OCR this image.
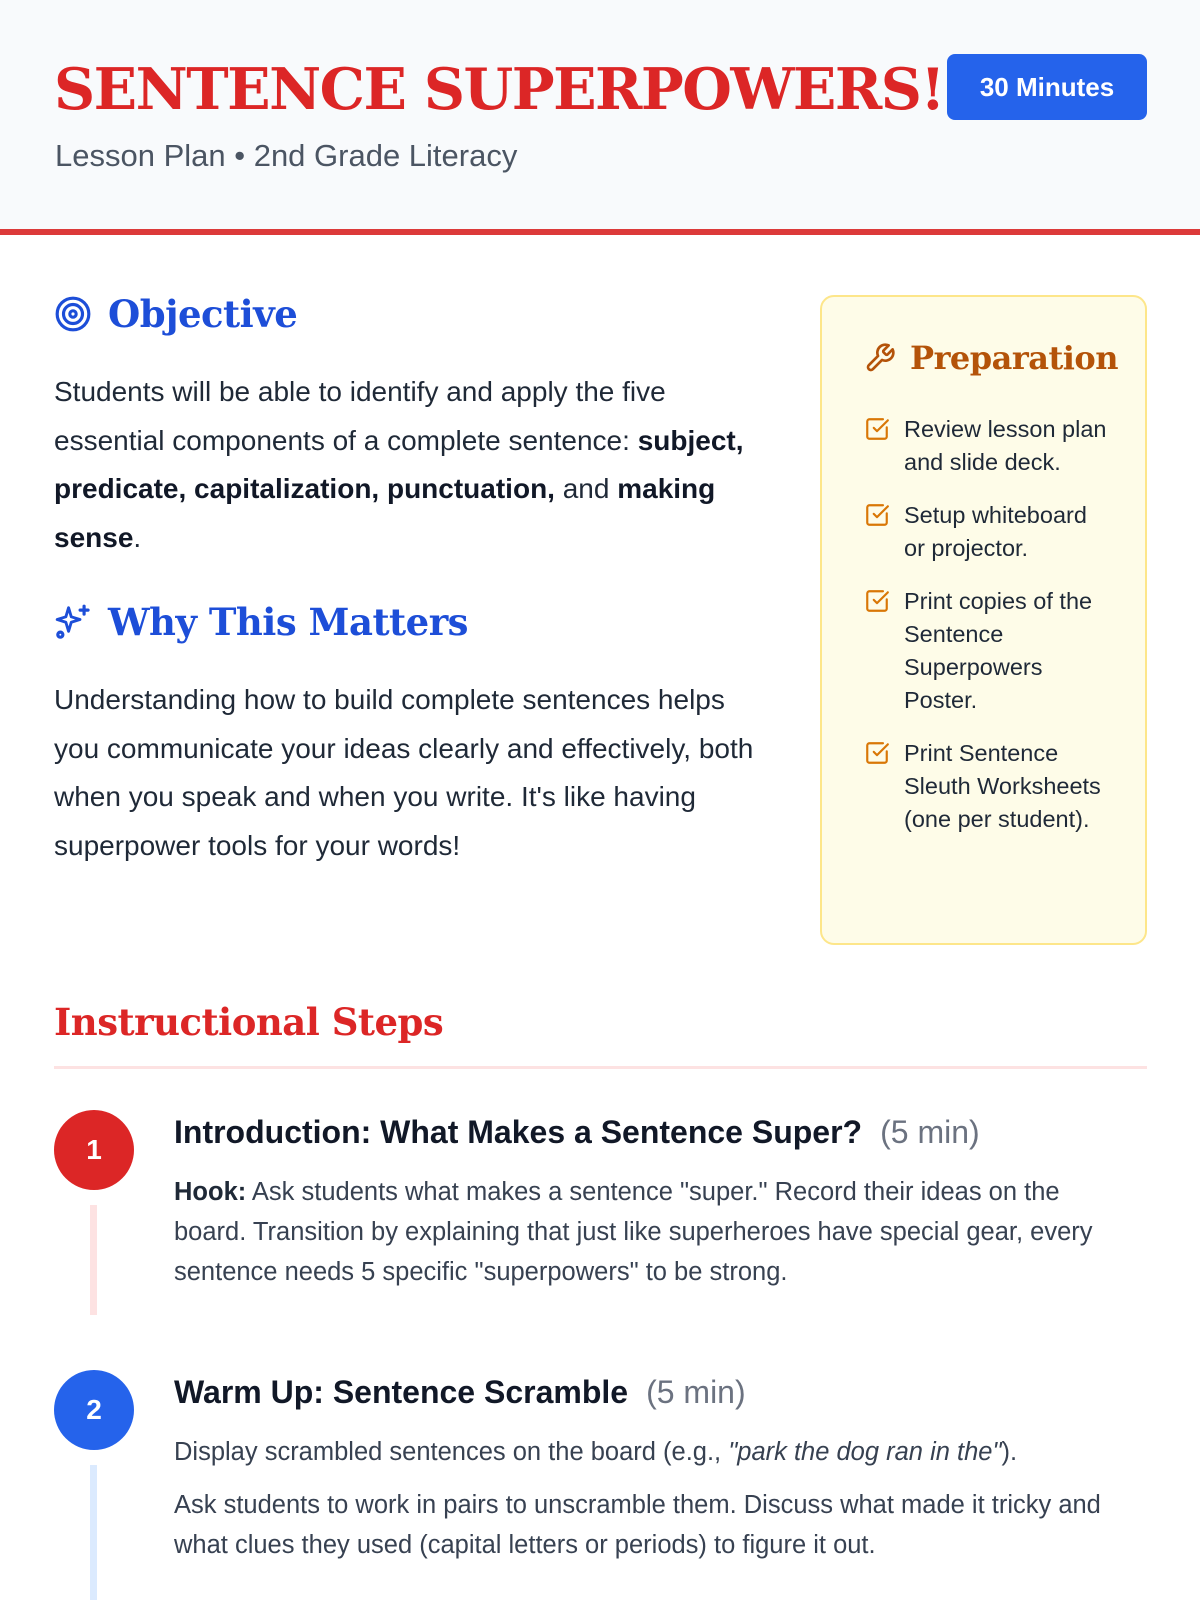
SENTENCE SUPERPOWERS!
Lesson Plan • 2nd Grade Literacy
30 Minutes
Objective

Students will be able to identify and apply the five essential components of a complete sentence: subject, predicate, capitalization, punctuation, and making sense.

Why This Matters

Understanding how to build complete sentences helps you communicate your ideas clearly and effectively, both when you speak and when you write. It's like having superpower tools for your words!

Preparation
Review lesson plan and slide deck.
Setup whiteboard or projector.
Print copies of the Sentence Superpowers Poster.
Print Sentence Sleuth Worksheets (one per student).
Instructional Steps
1	Introduction: What Makes a Sentence Super? (5 min)

Hook: Ask students what makes a sentence "super." Record their ideas on the board. Transition by explaining that just like superheroes have special gear, every sentence needs 5 specific "superpowers" to be strong.

2	Warm Up: Sentence Scramble (5 min)

Display scrambled sentences on the board (e.g., "park the dog ran in the").

Ask students to work in pairs to unscramble them. Discuss what made it tricky and what clues they used (capital letters or periods) to figure it out.
